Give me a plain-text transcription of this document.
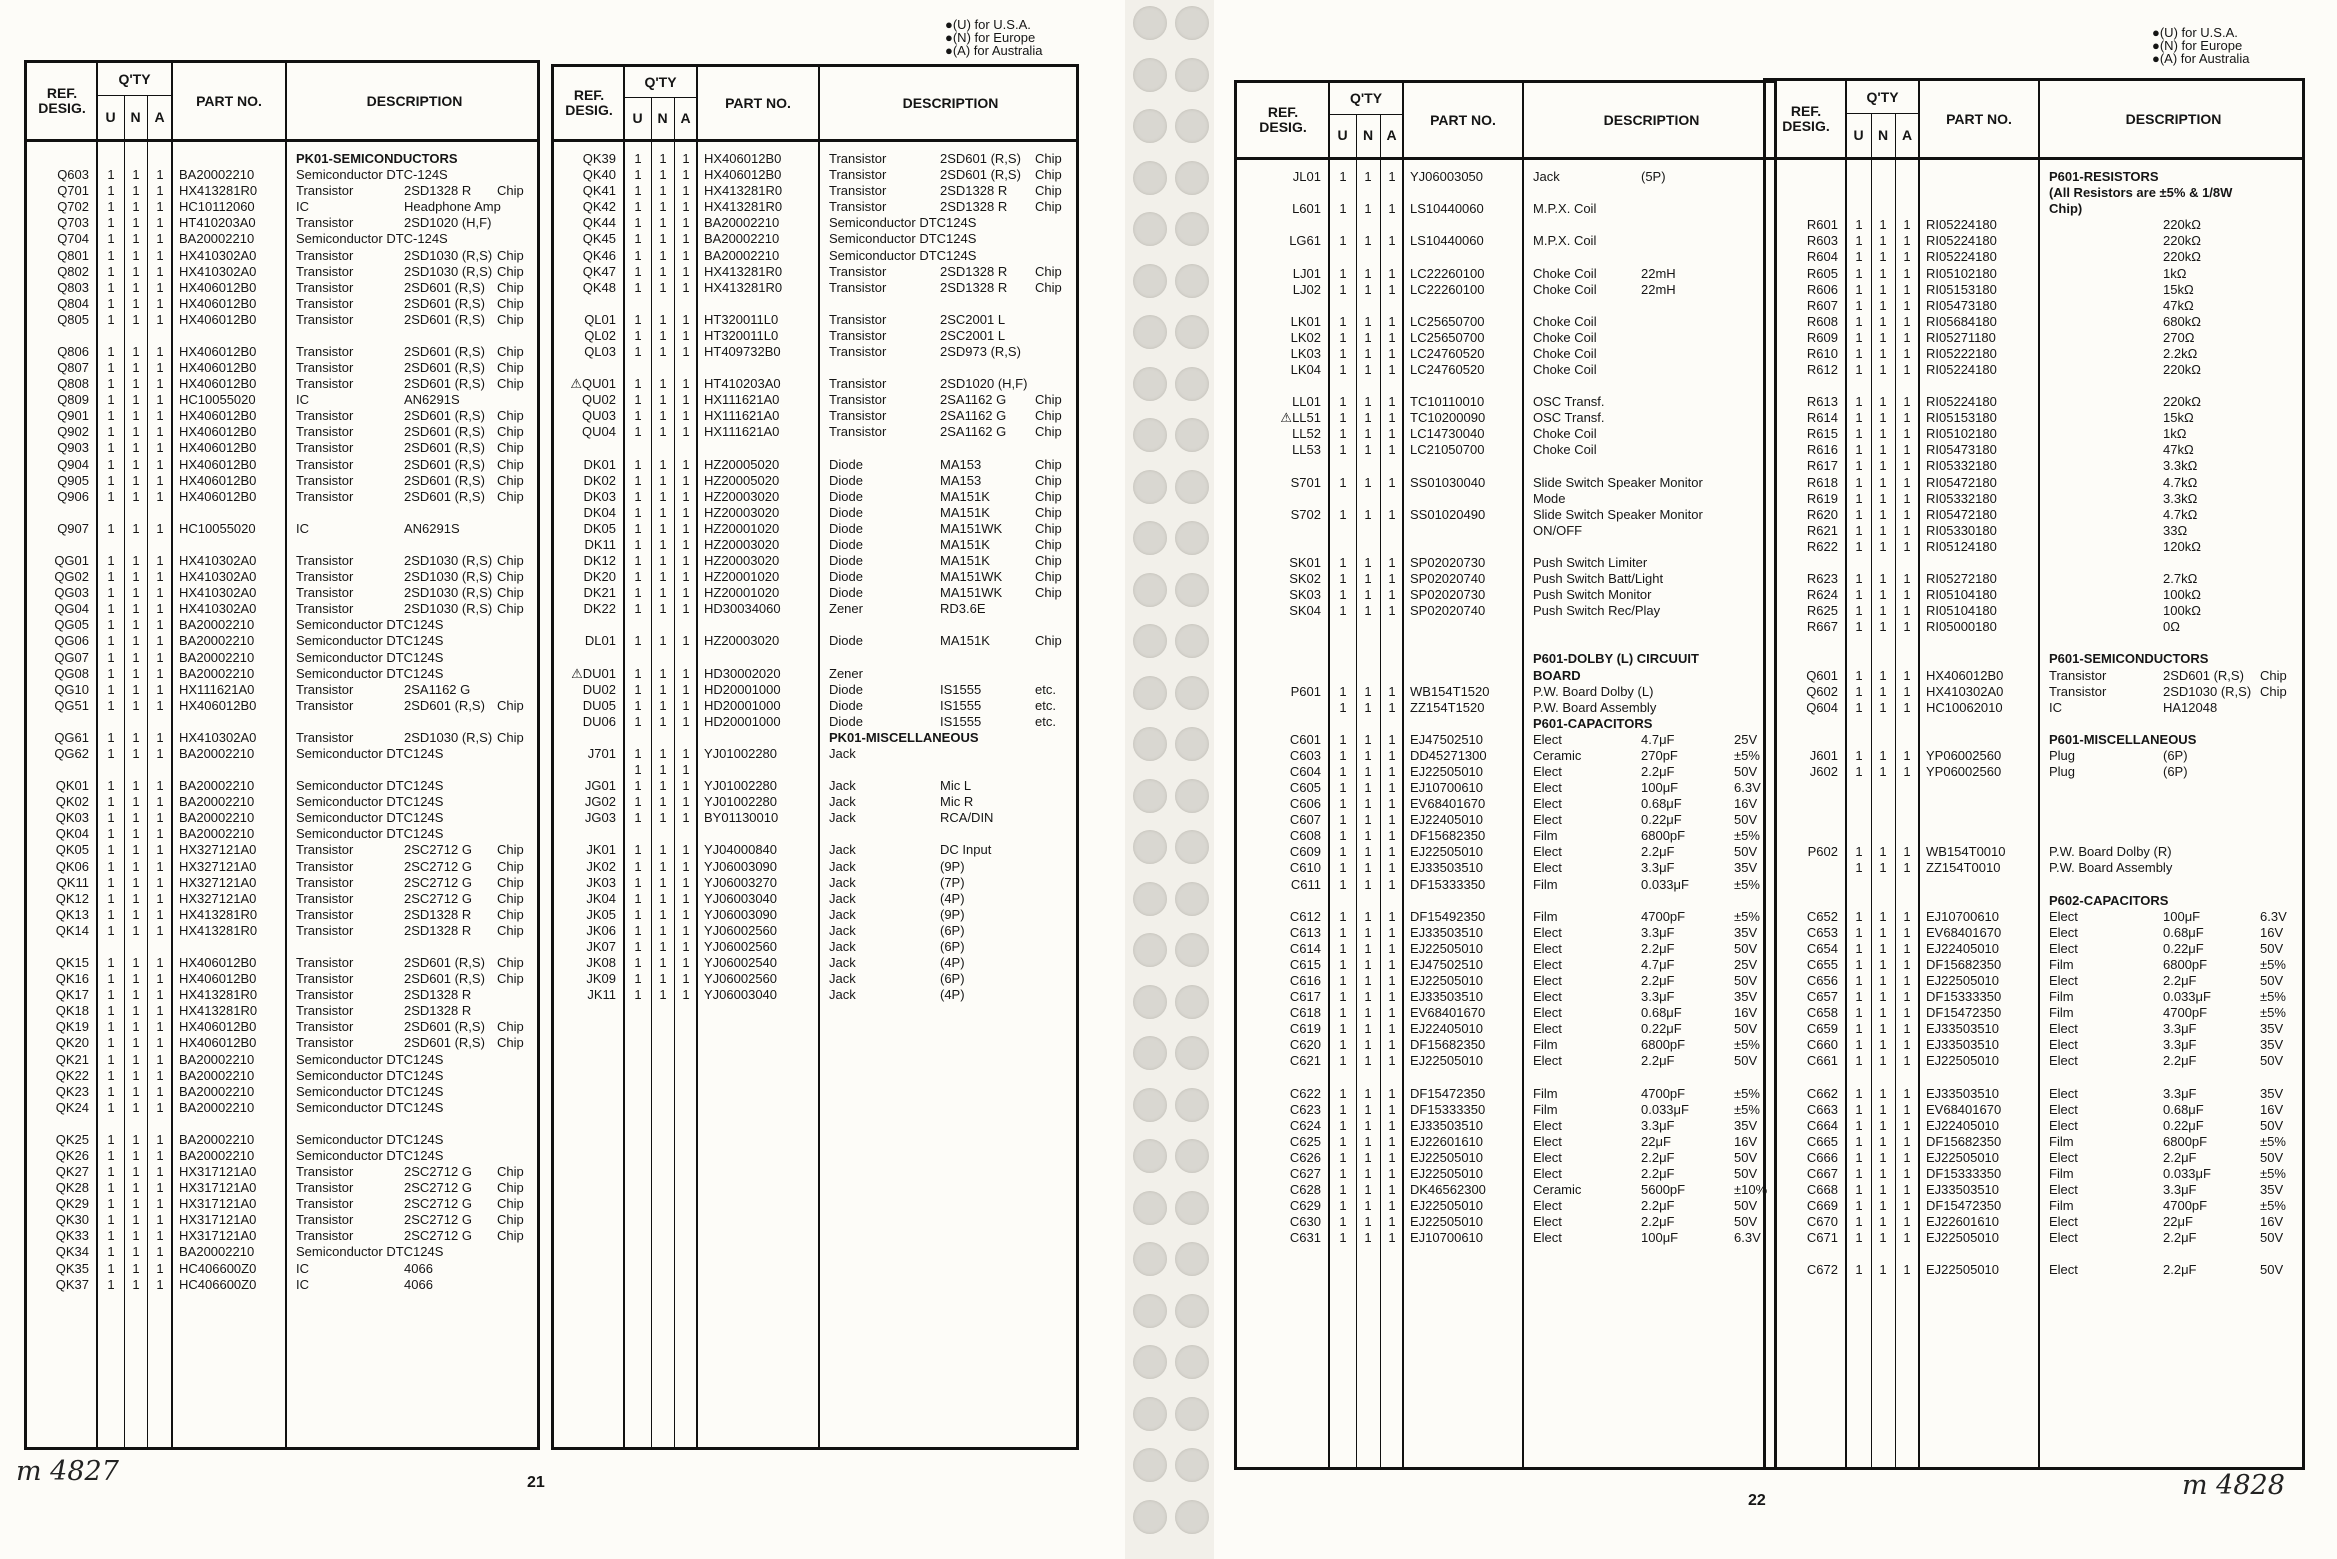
●(U) for U.S.A.
●(N) for Europe
●(A) for Australia
REF. DESIG.
Q'TY
U	N A
PART NO.	DESCRIPTION
PK01-SEMICONDUCTORS
Q603	1	1	1	BA20002210	Semiconductor DTC-124S
Q701	1	1	1	HX413281R0	Transistor	2SD1328 R Chip
Q702	1	1	1	HC10112060	IC	Headphone Amp
Q703	1	1	1	HT410203A0	Transistor	2SD1020 (H,F)
Q704	1	1	1	BA20002210	Semiconductor DTC-124S
Q801	1	1	1	HX410302A0	Transistor	2SD1030 (R,S) Chip
Q802	1	1	1	HX410302A0	Transistor	2SD1030 (R,S) Chip
Q803	1	1	1	HX406012B0	Transistor	2SD601 (R,S) Chip
Q804	1	1	1	HX406012B0	Transistor	2SD601 (R,S) Chip
Q805	1	1	1	HX406012B0	Transistor	2SD601 (R,S) Chip
Q806	1	1	1	HX406012B0	Transistor	2SD601 (R,S) Chip
Q807	1	1	1	HX406012B0	Transistor	2SD601 (R,S) Chip
Q808	1	1	1	HX406012B0	Transistor	2SD601 (R,S) Chip
Q809	1	1	1	HC10055020	IC	AN6291S
Q901	1	1	1	HX406012B0	Transistor	2SD601 (R,S) Chip
Q902	1	1	1	HX406012B0	Transistor	2SD601 (R,S) Chip
Q903	1	1	1	HX406012B0	Transistor	2SD601 (R,S) Chip
Q904	1	1	1	HX406012B0	Transistor	2SD601 (R,S) Chip
Q905	1	1	1	HX406012B0	Transistor	2SD601 (R,S) Chip
Q906	1	1	1	HX406012B0	Transistor	2SD601 (R,S) Chip
Q907	1	1	1	HC10055020	IC	AN6291S
QG01	1	1	1	HX410302A0	Transistor	2SD1030 (R,S) Chip
QG02	1	1	1	HX410302A0	Transistor	2SD1030 (R,S) Chip
QG03	1	1	1	HX410302A0	Transistor	2SD1030 (R,S) Chip
QG04	1	1	1	HX410302A0	Transistor	2SD1030 (R,S) Chip
QG05	1	1	1	BA20002210	Semiconductor DTC124S
QG06	1	1	1	BA20002210	Semiconductor DTC124S
QG07	1	1	1	BA20002210	Semiconductor DTC124S
QG08	1	1	1	BA20002210	Semiconductor DTC124S
QG10	1	1	1	HX111621A0	Transistor	2SA1162 G
QG51	1	1	1	HX406012B0	Transistor	2SD601 (R,S) Chip
QG61	1	1	1	HX410302A0	Transistor	2SD1030 (R,S) Chip
QG62	1	1	1	BA20002210	Semiconductor DTC124S
QK01	1	1	1	BA20002210	Semiconductor DTC124S
QK02	1	1	1	BA20002210	Semiconductor DTC124S
QK03	1	1	1	BA20002210	Semiconductor DTC124S
QK04	1	1	1	BA20002210	Semiconductor DTC124S
QK05	1	1	1	HX327121A0	Transistor	2SC2712 G Chip
QK06	1	1	1	HX327121A0	Transistor	2SC2712 G Chip
QK11	1	1	1	HX327121A0	Transistor	2SC2712 G Chip
QK12	1	1	1	HX327121A0	Transistor	2SC2712 G Chip
QK13	1	1	1	HX413281R0	Transistor	2SD1328 R Chip
QK14	1	1	1	HX413281R0	Transistor	2SD1328 R Chip
QK15	1	1	1	HX406012B0	Transistor	2SD601 (R,S) Chip
QK16	1	1	1	HX406012B0	Transistor	2SD601 (R,S) Chip
QK17	1	1	1	HX413281R0	Transistor	2SD1328 R
QK18	1	1	1	HX413281R0	Transistor	2SD1328 R
QK19	1	1	1	HX406012B0	Transistor	2SD601 (R,S) Chip
QK20	1	1	1	HX406012B0	Transistor	2SD601 (R,S) Chip
QK21	1	1	1	BA20002210	Semiconductor DTC124S
QK22	1	1	1	BA20002210	Semiconductor DTC124S
QK23	1	1	1	BA20002210	Semiconductor DTC124S
QK24	1	1	1	BA20002210	Semiconductor DTC124S
QK25	1	1	1	BA20002210	Semiconductor DTC124S
QK26	1	1	1	BA20002210	Semiconductor DTC124S
QK27	1	1	1	HX317121A0	Transistor	2SC2712 G Chip
QK28	1	1	1	HX317121A0	Transistor	2SC2712 G Chip
QK29	1	1	1	HX317121A0	Transistor	2SC2712 G Chip
QK30	1	1	1	HX317121A0	Transistor	2SC2712 G Chip
QK33	1	1	1	HX317121A0	Transistor	2SC2712 G Chip
QK34	1	1	1	BA20002210	Semiconductor DTC124S
QK35	1	1	1	HC406600Z0	IC	4066
QK37	1	1	1	HC406600Z0	IC	4066
REF. DESIG.
Q'TY
U	N A
PART NO.	DESCRIPTION
QK39	1	1	1	HX406012B0	Transistor	2SD601 (R,S) Chip
QK40	1	1	1	HX406012B0	Transistor	2SD601 (R,S) Chip
QK41	1	1	1	HX413281R0	Transistor	2SD1328 R Chip
QK42	1	1	1	HX413281R0	Transistor	2SD1328 R Chip
QK44	1	1	1	BA20002210	Semiconductor DTC124S
QK45	1	1	1	BA20002210	Semiconductor DTC124S
QK46	1	1	1	BA20002210	Semiconductor DTC124S
QK47	1	1	1	HX413281R0	Transistor	2SD1328 R Chip
QK48	1	1	1	HX413281R0	Transistor	2SD1328 R Chip
QL01	1	1	1	HT320011L0	Transistor	2SC2001 L
QL02	1	1	1	HT320011L0	Transistor	2SC2001 L
QL03	1	1	1	HT409732B0	Transistor	2SD973 (R,S)
⚠QU01	1	1	1	HT410203A0	Transistor	2SD1020 (H,F)
QU02	1	1	1	HX111621A0	Transistor	2SA1162 G Chip
QU03	1	1	1	HX111621A0	Transistor	2SA1162 G Chip
QU04	1	1	1	HX111621A0	Transistor	2SA1162 G Chip
DK01	1	1	1	HZ20005020	Diode	MA153	Chip
DK02	1	1	1	HZ20005020	Diode	MA153	Chip
DK03	1	1	1	HZ20003020	Diode	MA151K	Chip
DK04	1	1	1	HZ20003020	Diode	MA151K	Chip
DK05	1	1	1	HZ20001020	Diode	MA151WK	Chip
DK11	1	1	1	HZ20003020	Diode	MA151K	Chip
DK12	1	1	1	HZ20003020	Diode	MA151K	Chip
DK20	1	1	1	HZ20001020	Diode	MA151WK	Chip
DK21	1	1	1	HZ20001020	Diode	MA151WK	Chip
DK22	1	1	1	HD30034060	Zener	RD3.6E
DL01	1	1	1	HZ20003020	Diode	MA151K	Chip
⚠DU01	1	1	1	HD30002020	Zener
DU02	1	1	1	HD20001000	Diode	IS1555	etc.
DU05	1	1	1	HD20001000	Diode	IS1555	etc.
DU06	1	1	1	HD20001000	Diode	IS1555	etc.
PK01-MISCELLANEOUS
J701	1	1	1	YJ01002280	Jack
1	1	1
JG01	1	1	1	YJ01002280	Jack	Mic L
JG02	1	1	1	YJ01002280	Jack	Mic R
JG03	1	1	1	BY01130010	Jack	RCA/DIN
JK01	1	1	1	YJ04000840	Jack	DC Input
JK02	1	1	1	YJ06003090	Jack	(9P)
JK03	1	1	1	YJ06003270	Jack	(7P)
JK04	1	1	1	YJ06003040	Jack	(4P)
JK05	1	1	1	YJ06003090	Jack	(9P)
JK06	1	1	1	YJ06002560	Jack	(6P)
JK07	1	1	1	YJ06002560	Jack	(6P)
JK08	1	1	1	YJ06002540	Jack	(4P)
JK09	1	1	1	YJ06002560	Jack	(6P)
JK11	1	1	1	YJ06003040	Jack	(4P)
21
m 4827
●(U) for U.S.A.
●(N) for Europe
●(A) for Australia
REF. DESIG.
Q'TY
U	N A
PART NO.	DESCRIPTION
JL01	1	1	1	YJ06003050	Jack	(5P)
L601	1	1	1	LS10440060	M.P.X. Coil
LG61	1	1	1	LS10440060	M.P.X. Coil
LJ01	1	1	1	LC22260100	Choke Coil	22mH
LJ02	1	1	1	LC22260100	Choke Coil	22mH
LK01	1	1	1	LC25650700	Choke Coil
LK02	1	1	1	LC25650700	Choke Coil
LK03	1	1	1	LC24760520	Choke Coil
LK04	1	1	1	LC24760520	Choke Coil
LL01	1	1	1	TC10110010	OSC Transf.
⚠LL51	1	1	1	TC10200090	OSC Transf.
LL52	1	1	1	LC14730040	Choke Coil
LL53	1	1	1	LC21050700	Choke Coil
S701	1	1	1	SS01030040	Slide Switch Speaker Monitor
Mode
S702	1	1	1	SS01020490	Slide Switch Speaker Monitor
ON/OFF
SK01	1	1	1	SP02020730	Push Switch Limiter
SK02	1	1	1	SP02020740	Push Switch Batt/Light
SK03	1	1	1	SP02020730	Push Switch Monitor
SK04	1	1	1	SP02020740	Push Switch Rec/Play
P601-DOLBY (L) CIRCUUIT
BOARD
P601	1	1	1	WB154T1520	P.W. Board Dolby (L)
1	1	1	ZZ154T1520	P.W. Board Assembly
P601-CAPACITORS
C601	1	1	1	EJ47502510	Elect	4.7μF	25V
C603	1	1	1	DD45271300	Ceramic	270pF	±5%
C604	1	1	1	EJ22505010	Elect	2.2μF	50V
C605	1	1	1	EJ10700610	Elect	100μF	6.3V
C606	1	1	1	EV68401670	Elect	0.68μF	16V
C607	1	1	1	EJ22405010	Elect	0.22μF	50V
C608	1	1	1	DF15682350	Film	6800pF	±5%
C609	1	1	1	EJ22505010	Elect	2.2μF	50V
C610	1	1	1	EJ33503510	Elect	3.3μF	35V
C611	1	1	1	DF15333350	Film	0.033μF	±5%
C612	1	1	1	DF15492350	Film	4700pF	±5%
C613	1	1	1	EJ33503510	Elect	3.3μF	35V
C614	1	1	1	EJ22505010	Elect	2.2μF	50V
C615	1	1	1	EJ47502510	Elect	4.7μF	25V
C616	1	1	1	EJ22505010	Elect	2.2μF	50V
C617	1	1	1	EJ33503510	Elect	3.3μF	35V
C618	1	1	1	EV68401670	Elect	0.68μF	16V
C619	1	1	1	EJ22405010	Elect	0.22μF	50V
C620	1	1	1	DF15682350	Film	6800pF	±5%
C621	1	1	1	EJ22505010	Elect	2.2μF	50V
C622	1	1	1	DF15472350	Film	4700pF	±5%
C623	1	1	1	DF15333350	Film	0.033μF	±5%
C624	1	1	1	EJ33503510	Elect	3.3μF	35V
C625	1	1	1	EJ22601610	Elect	22μF	16V
C626	1	1	1	EJ22505010	Elect	2.2μF	50V
C627	1	1	1	EJ22505010	Elect	2.2μF	50V
C628	1	1	1	DK46562300	Ceramic	5600pF	±10%
C629	1	1	1	EJ22505010	Elect	2.2μF	50V
C630	1	1	1	EJ22505010	Elect	2.2μF	50V
C631	1	1	1	EJ10700610	Elect	100μF	6.3V
REF. DESIG.
Q'TY
U	N A
PART NO.	DESCRIPTION
P601-RESISTORS
(All Resistors are ±5% & 1/8W
Chip)
R601	1	1	1	RI05224180	220kΩ
R603	1	1	1	RI05224180	220kΩ
R604	1	1	1	RI05224180	220kΩ
R605	1	1	1	RI05102180	1kΩ
R606	1	1	1	RI05153180	15kΩ
R607	1	1	1	RI05473180	47kΩ
R608	1	1	1	RI05684180	680kΩ
R609	1	1	1	RI05271180	270Ω
R610	1	1	1	RI05222180	2.2kΩ
R612	1	1	1	RI05224180	220kΩ
R613	1	1	1	RI05224180	220kΩ
R614	1	1	1	RI05153180	15kΩ
R615	1	1	1	RI05102180	1kΩ
R616	1	1	1	RI05473180	47kΩ
R617	1	1	1	RI05332180	3.3kΩ
R618	1	1	1	RI05472180	4.7kΩ
R619	1	1	1	RI05332180	3.3kΩ
R620	1	1	1	RI05472180	4.7kΩ
R621	1	1	1	RI05330180	33Ω
R622	1	1	1	RI05124180	120kΩ
R623	1	1	1	RI05272180	2.7kΩ
R624	1	1	1	RI05104180	100kΩ
R625	1	1	1	RI05104180	100kΩ
R667	1	1	1	RI05000180	0Ω
P601-SEMICONDUCTORS
Q601	1	1	1	HX406012B0	Transistor	2SD601 (R,S) Chip
Q602	1	1	1	HX410302A0	Transistor	2SD1030 (R,S) Chip
Q604	1	1	1	HC10062010	IC	HA12048
P601-MISCELLANEOUS
J601	1	1	1	YP06002560	Plug	(6P)
J602	1	1	1	YP06002560	Plug	(6P)
P602	1	1	1	WB154T0010	P.W. Board Dolby (R)
1	1	1	ZZ154T0010	P.W. Board Assembly
P602-CAPACITORS
C652	1	1	1	EJ10700610	Elect	100μF	6.3V
C653	1	1	1	EV68401670	Elect	0.68μF	16V
C654	1	1	1	EJ22405010	Elect	0.22μF	50V
C655	1	1	1	DF15682350	Film	6800pF	±5%
C656	1	1	1	EJ22505010	Elect	2.2μF	50V
C657	1	1	1	DF15333350	Film	0.033μF	±5%
C658	1	1	1	DF15472350	Film	4700pF	±5%
C659	1	1	1	EJ33503510	Elect	3.3μF	35V
C660	1	1	1	EJ33503510	Elect	3.3μF	35V
C661	1	1	1	EJ22505010	Elect	2.2μF	50V
C662	1	1	1	EJ33503510	Elect	3.3μF	35V
C663	1	1	1	EV68401670	Elect	0.68μF	16V
C664	1	1	1	EJ22405010	Elect	0.22μF	50V
C665	1	1	1	DF15682350	Film	6800pF	±5%
C666	1	1	1	EJ22505010	Elect	2.2μF	50V
C667	1	1	1	DF15333350	Film	0.033μF	±5%
C668	1	1	1	EJ33503510	Elect	3.3μF	35V
C669	1	1	1	DF15472350	Film	4700pF	±5%
C670	1	1	1	EJ22601610	Elect	22μF	16V
C671	1	1	1	EJ22505010	Elect	2.2μF	50V
C672	1	1	1	EJ22505010	Elect	2.2μF	50V
22	m 4828
